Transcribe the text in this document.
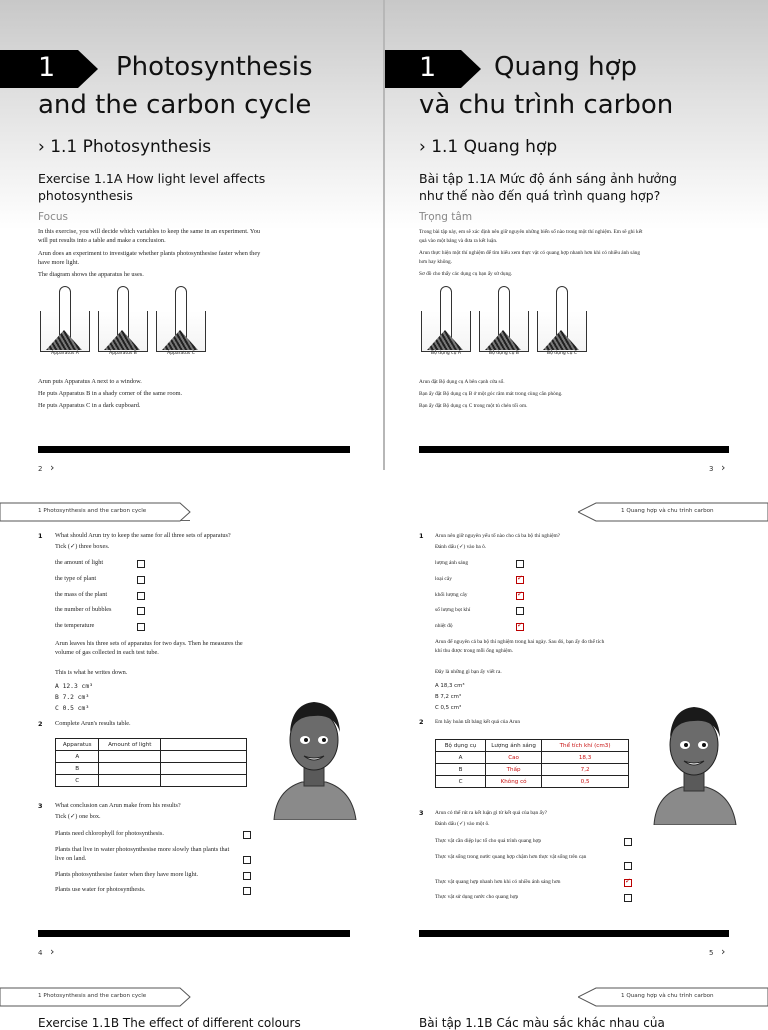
1 Photosynthesis
and the carbon cycle
› 1.1 Photosynthesis
Exercise 1.1A How light level affects photosynthesis
Focus
In this exercise, you will decide which variables to keep the same in an experiment. You will put results into a table and make a conclusion.
Arun does an experiment to investigate whether plants photosynthesise faster when they have more light.
The diagram shows the apparatus he uses.
Apparatus A	Apparatus B	Apparatus C
Arun puts Apparatus A next to a window.
He puts Apparatus B in a shady corner of the same room.
He puts Apparatus C in a dark cupboard.
2 ›
1 Quang hợp
và chu trình carbon
› 1.1 Quang hợp
Bài tập 1.1A Mức độ ánh sáng ảnh hưởng như thế nào đến quá trình quang hợp?
Trọng tâm
Trong bài tập này, em sẽ xác định nên giữ nguyên những biến số nào trong một thí nghiệm. Em sẽ ghi kết quả vào một bảng và đưa ra kết luận.
Arun thực hiện một thí nghiệm để tìm hiểu xem thực vật có quang hợp nhanh hơn khi có nhiều ánh sáng hơn hay không.
Sơ đồ cho thấy các dụng cụ bạn ấy sử dụng.
Bộ dụng cụ A	Bộ dụng cụ B	Bộ dụng cụ C
Arun đặt Bộ dụng cụ A bên cạnh cửa sổ.
Bạn ấy đặt Bộ dụng cụ B ở một góc râm mát trong cùng căn phòng.
Bạn ấy đặt Bộ dụng cụ C trong một tủ chén tối om.
3 ›
1 Photosynthesis and the carbon cycle	1 Quang hợp và chu trình carbon
1 What should Arun try to keep the same for all three sets of apparatus?
Tick (✓) three boxes.
the amount of light
the type of plant
the mass of the plant
the number of bubbles
the temperature
Arun leaves his three sets of apparatus for two days. Then he measures the volume of gas collected in each test tube.
This is what he writes down.
A 12.3 cm³
B 7.2 cm³
C 0.5 cm³
2 Complete Arun's results table.
Apparatus	Amount of light	
A		
B		
C		
3 What conclusion can Arun make from his results?
Tick (✓) one box.
Plants need chlorophyll for photosynthesis.
Plants that live in water photosynthesise more slowly than plants that live on land.
Plants photosynthesise faster when they have more light.
Plants use water for photosynthesis.
4 ›
1 Arun nên giữ nguyên yếu tố nào cho cả ba bộ thí nghiệm?
Đánh dấu (✓) vào ba ô.
lượng ánh sáng
loại cây
✓
khối lượng cây
✓
số lượng bọt khí
nhiệt độ
✓
Arun để nguyên cả ba bộ thí nghiệm trong hai ngày. Sau đó, bạn ấy đo thể tích khí thu được trong mỗi ống nghiệm.
Đây là những gì bạn ấy viết ra.
A 18,3 cm³
B 7,2 cm³
C 0,5 cm³
2 Em hãy hoàn tất bảng kết quả của Arun
Bộ dụng cụ	Lượng ánh sáng	Thể tích khí (cm3)
A	Cao	18,3
B	Thấp	7,2
C	Không có	0,5
3 Arun có thể rút ra kết luận gì từ kết quả của bạn ấy?
Đánh dấu (✓) vào một ô.
Thực vật cần diệp lục tố cho quá trình quang hợp
Thực vật sống trong nước quang hợp chậm hơn thực vật sống trên cạn
Thực vật quang hợp nhanh hơn khi có nhiều ánh sáng hơn
✓
Thực vật sử dụng nước cho quang hợp
5 ›
1 Photosynthesis and the carbon cycle	1 Quang hợp và chu trình carbon
Exercise 1.1B The effect of different colours	Bài tập 1.1B Các màu sắc khác nhau của
